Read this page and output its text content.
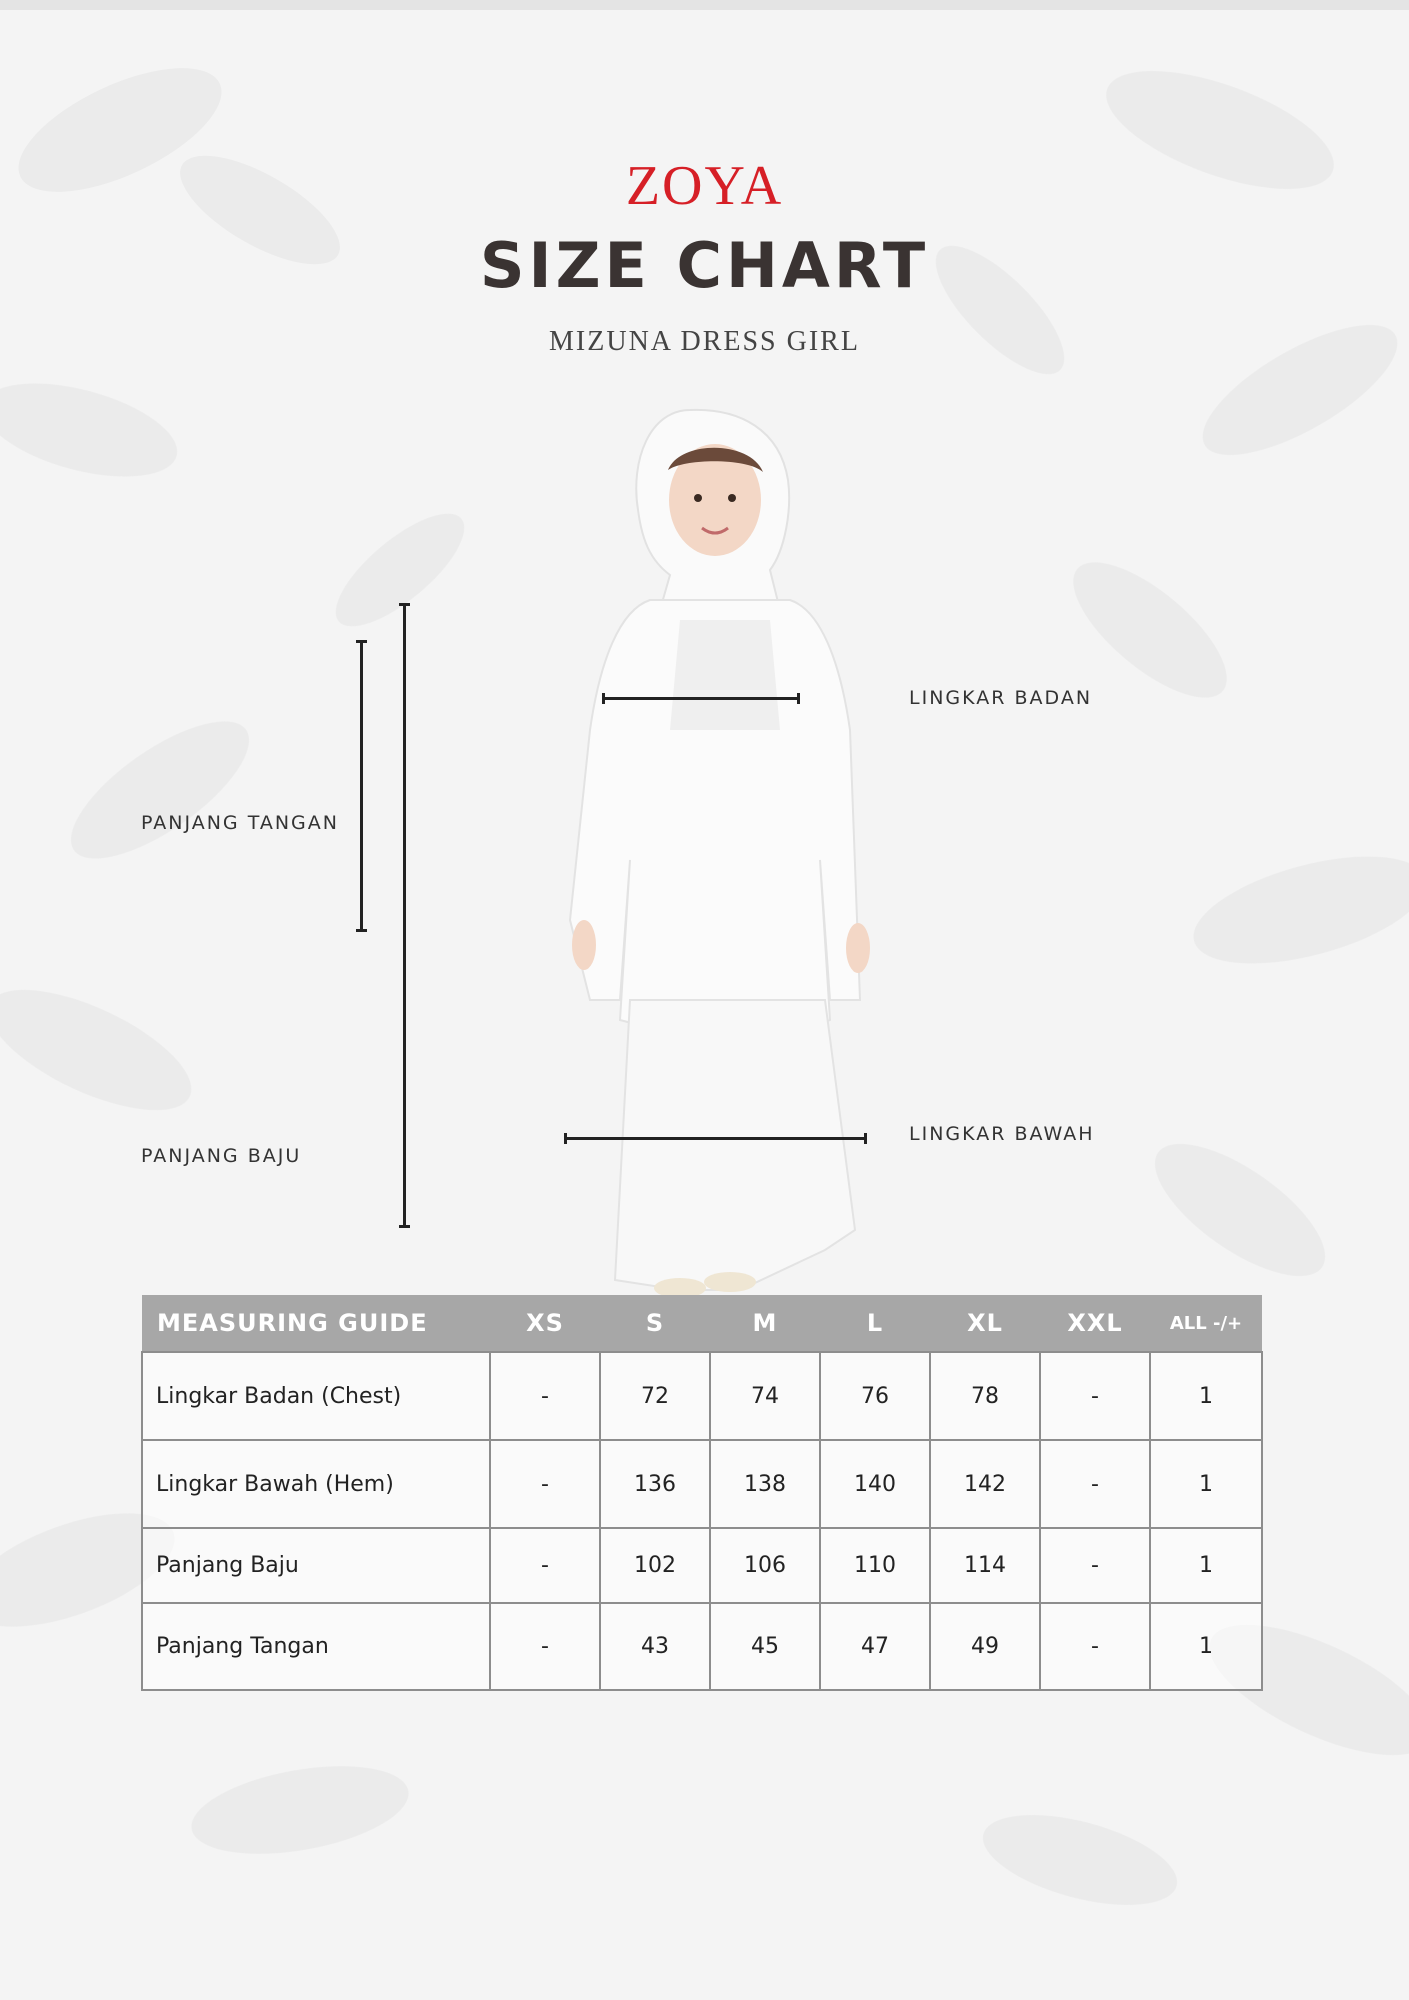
ZOYA
SIZE CHART
MIZUNA DRESS GIRL
PANJANG TANGAN
PANJANG BAJU
LINGKAR BADAN
LINGKAR BAWAH
MEASURING GUIDE	XS	S	M	L	XL	XXL	ALL -/+
Lingkar Badan (Chest)	-	72	74	76	78	-	1
Lingkar Bawah (Hem)	-	136	138	140	142	-	1
Panjang Baju	-	102	106	110	114	-	1
Panjang Tangan	-	43	45	47	49	-	1
